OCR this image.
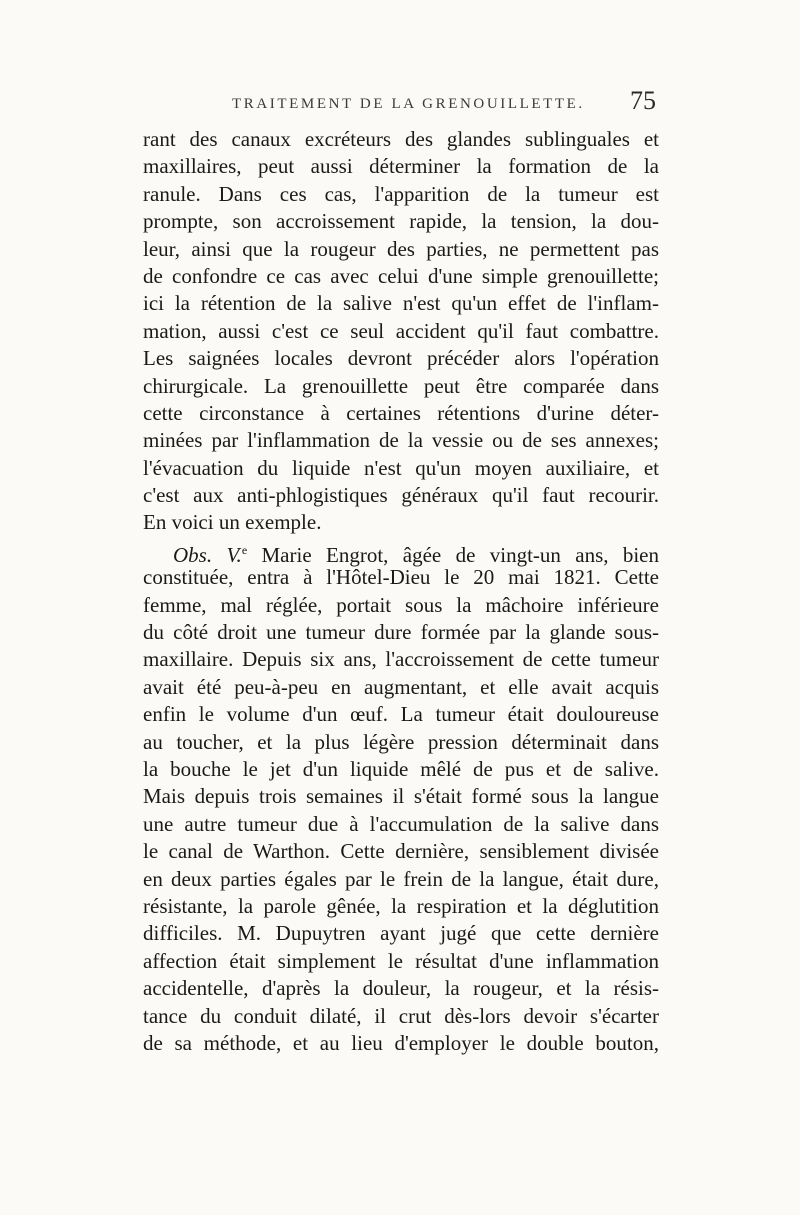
TRAITEMENT DE LA GRENOUILLETTE. 75
rant des canaux excréteurs des glandes sublinguales et
maxillaires, peut aussi déterminer la formation de la
ranule. Dans ces cas, l'apparition de la tumeur est
prompte, son accroissement rapide, la tension, la dou-
leur, ainsi que la rougeur des parties, ne permettent pas
de confondre ce cas avec celui d'une simple grenouillette;
ici la rétention de la salive n'est qu'un effet de l'inflam-
mation, aussi c'est ce seul accident qu'il faut combattre.
Les saignées locales devront précéder alors l'opération
chirurgicale. La grenouillette peut être comparée dans
cette circonstance à certaines rétentions d'urine déter-
minées par l'inflammation de la vessie ou de ses annexes;
l'évacuation du liquide n'est qu'un moyen auxiliaire, et
c'est aux anti-phlogistiques généraux qu'il faut recourir.
En voici un exemple.
Obs. V.$^e$ Marie Engrot, âgée de vingt-un ans, bien
constituée, entra à l'Hôtel-Dieu le 20 mai 1821. Cette
femme, mal réglée, portait sous la mâchoire inférieure
du côté droit une tumeur dure formée par la glande sous-
maxillaire. Depuis six ans, l'accroissement de cette tumeur
avait été peu-à-peu en augmentant, et elle avait acquis
enfin le volume d'un œuf. La tumeur était douloureuse
au toucher, et la plus légère pression déterminait dans
la bouche le jet d'un liquide mêlé de pus et de salive.
Mais depuis trois semaines il s'était formé sous la langue
une autre tumeur due à l'accumulation de la salive dans
le canal de Warthon. Cette dernière, sensiblement divisée
en deux parties égales par le frein de la langue, était dure,
résistante, la parole gênée, la respiration et la déglutition
difficiles. M. Dupuytren ayant jugé que cette dernière
affection était simplement le résultat d'une inflammation
accidentelle, d'après la douleur, la rougeur, et la résis-
tance du conduit dilaté, il crut dès-lors devoir s'écarter
de sa méthode, et au lieu d'employer le double bouton,
